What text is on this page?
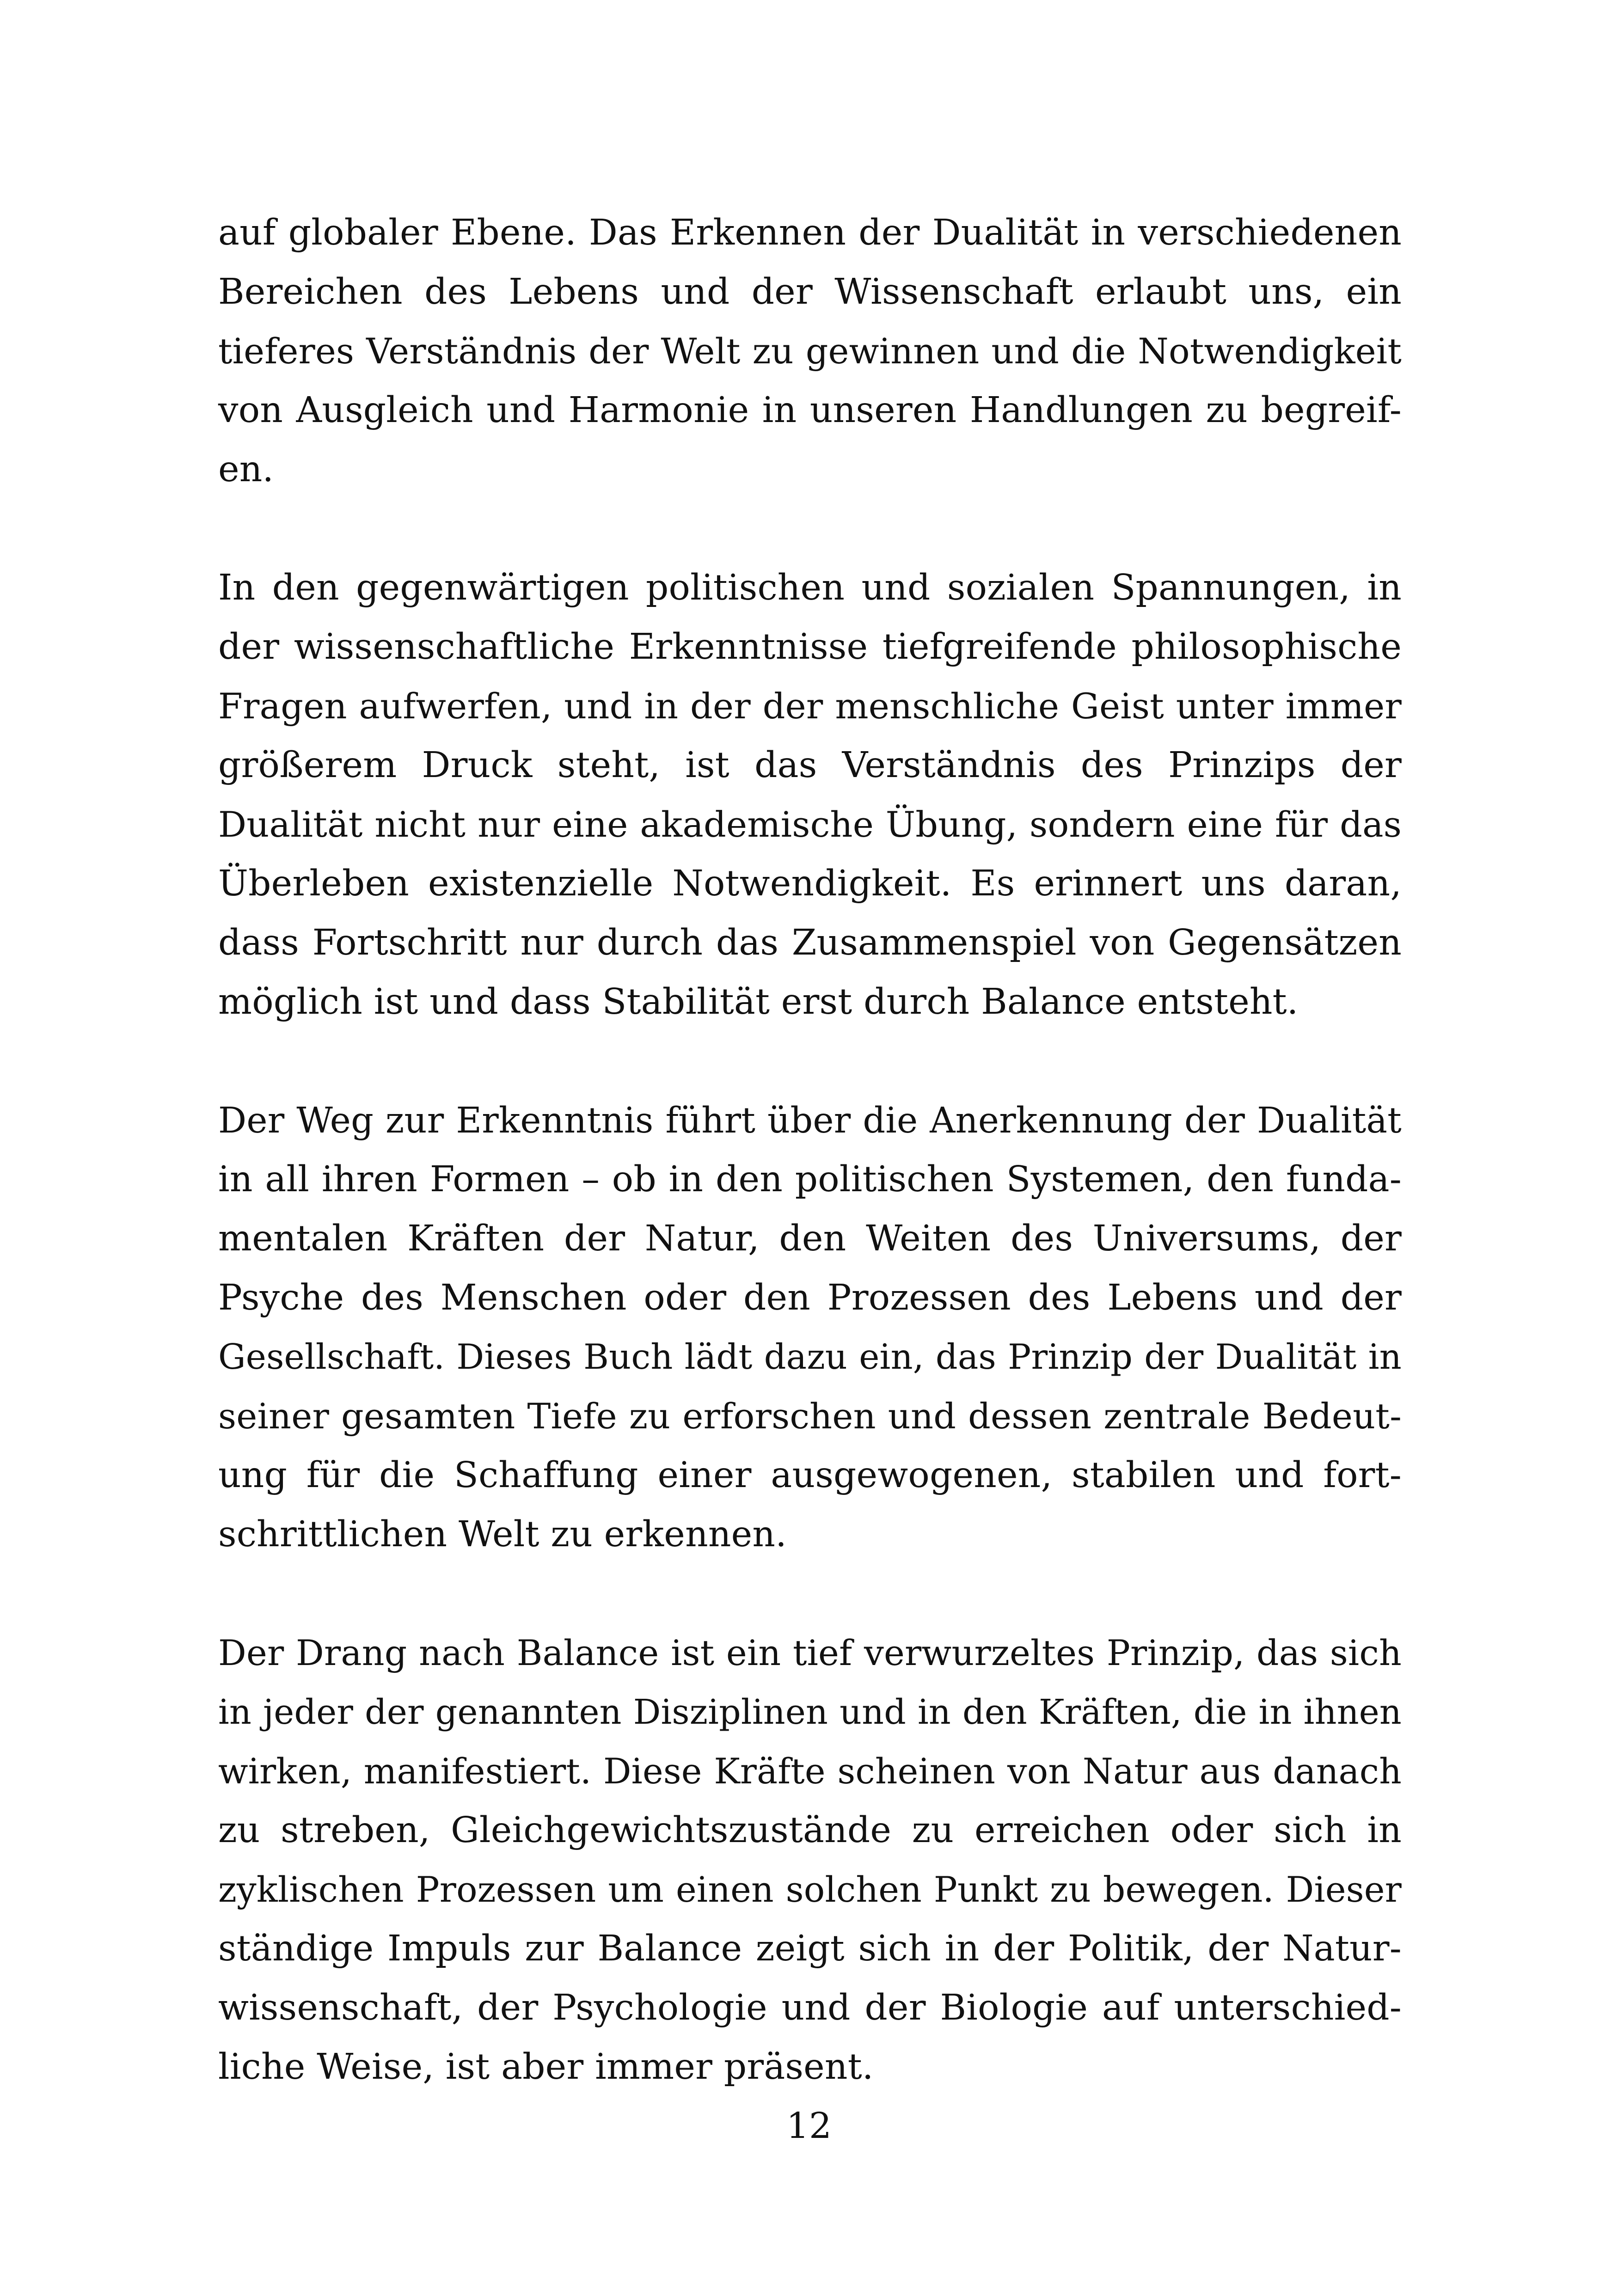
auf globaler Ebene. Das Erkennen der Dualität in verschiedenen
Bereichen des Lebens und der Wissenschaft erlaubt uns, ein
tieferes Verständnis der Welt zu gewinnen und die Notwendigkeit
von Ausgleich und Harmonie in unseren Handlungen zu begreif-
en.

In den gegenwärtigen politischen und sozialen Spannungen, in
der wissenschaftliche Erkenntnisse tiefgreifende philosophische
Fragen aufwerfen, und in der der menschliche Geist unter immer
größerem Druck steht, ist das Verständnis des Prinzips der
Dualität nicht nur eine akademische Übung, sondern eine für das
Überleben existenzielle Notwendigkeit. Es erinnert uns daran,
dass Fortschritt nur durch das Zusammenspiel von Gegensätzen
möglich ist und dass Stabilität erst durch Balance entsteht.

Der Weg zur Erkenntnis führt über die Anerkennung der Dualität
in all ihren Formen – ob in den politischen Systemen, den funda-
mentalen Kräften der Natur, den Weiten des Universums, der
Psyche des Menschen oder den Prozessen des Lebens und der
Gesellschaft. Dieses Buch lädt dazu ein, das Prinzip der Dualität in
seiner gesamten Tiefe zu erforschen und dessen zentrale Bedeut-
ung für die Schaffung einer ausgewogenen, stabilen und fort-
schrittlichen Welt zu erkennen.

Der Drang nach Balance ist ein tief verwurzeltes Prinzip, das sich
in jeder der genannten Disziplinen und in den Kräften, die in ihnen
wirken, manifestiert. Diese Kräfte scheinen von Natur aus danach
zu streben, Gleichgewichtszustände zu erreichen oder sich in
zyklischen Prozessen um einen solchen Punkt zu bewegen. Dieser
ständige Impuls zur Balance zeigt sich in der Politik, der Natur-
wissenschaft, der Psychologie und der Biologie auf unterschied-
liche Weise, ist aber immer präsent.

12
